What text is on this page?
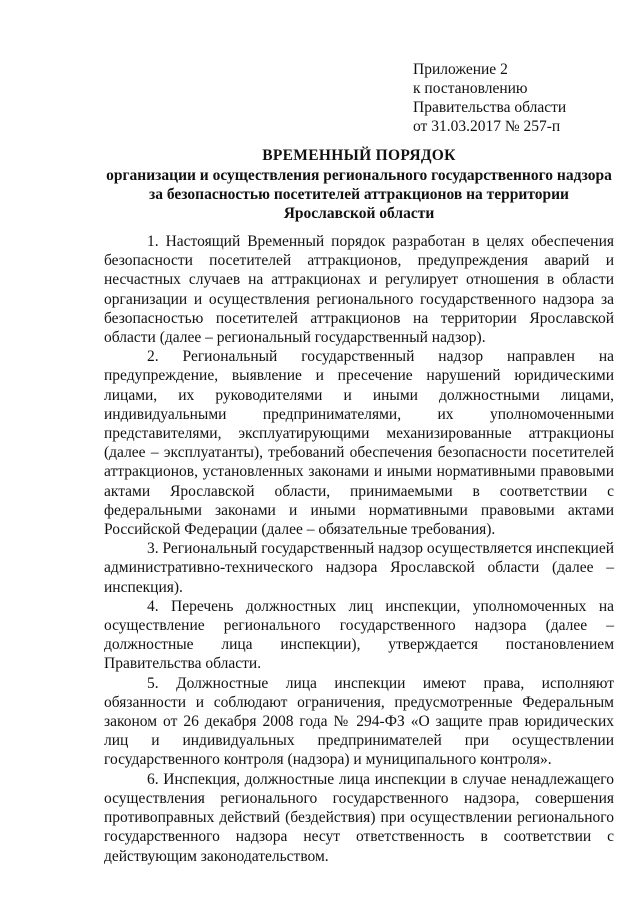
Приложение 2
к постановлению
Правительства области
от 31.03.2017 № 257-п
ВРЕМЕННЫЙ ПОРЯДОК
организации и осуществления регионального государственного надзора за безопасностью посетителей аттракционов на территории Ярославской области

1. Настоящий Временный порядок разработан в целях обеспечения безопасности посетителей аттракционов, предупреждения аварий и несчастных случаев на аттракционах и регулирует отношения в области организации и осуществления регионального государственного надзора за безопасностью посетителей аттракционов на территории Ярославской области (далее – региональный государственный надзор).

2. Региональный государственный надзор направлен на предупреждение, выявление и пресечение нарушений юридическими лицами, их руководителями и иными должностными лицами, индивидуальными предпринимателями, их уполномоченными представителями, эксплуатирующими механизированные аттракционы (далее – эксплуатанты), требований обеспечения безопасности посетителей аттракционов, установленных законами и иными нормативными правовыми актами Ярославской области, принимаемыми в соответствии с федеральными законами и иными нормативными правовыми актами Российской Федерации (далее – обязательные требования).

3. Региональный государственный надзор осуществляется инспекцией административно-технического надзора Ярославской области (далее – инспекция).

4. Перечень должностных лиц инспекции, уполномоченных на осуществление регионального государственного надзора (далее – должностные лица инспекции), утверждается постановлением Правительства области.

5. Должностные лица инспекции имеют права, исполняют обязанности и соблюдают ограничения, предусмотренные Федеральным законом от 26 декабря 2008 года № 294-ФЗ «О защите прав юридических лиц и индивидуальных предпринимателей при осуществлении государственного контроля (надзора) и муниципального контроля».

6. Инспекция, должностные лица инспекции в случае ненадлежащего осуществления регионального государственного надзора, совершения противоправных действий (бездействия) при осуществлении регионального государственного надзора несут ответственность в соответствии с действующим законодательством.
